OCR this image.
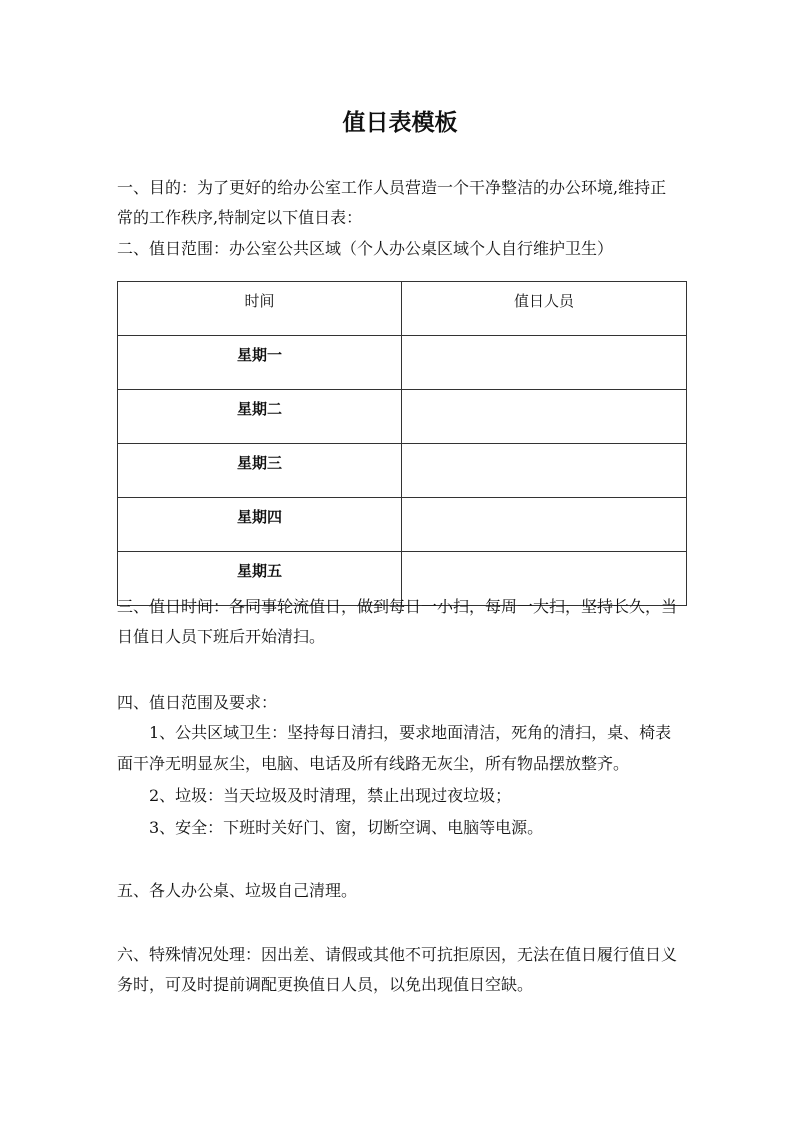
值日表模板
一、目的：为了更好的给办公室工作人员营造一个干净整洁的办公环境,维持正
常的工作秩序,特制定以下值日表：
二、值日范围：办公室公共区域（个人办公桌区域个人自行维护卫生）
时间	值日人员
星期一	
星期二	
星期三	
星期四	
星期五	
三、值日时间：各同事轮流值日，做到每日一小扫，每周一大扫，坚持长久，当
日值日人员下班后开始清扫。
四、值日范围及要求：
1、公共区域卫生：坚持每日清扫，要求地面清洁，死角的清扫，桌、椅表
面干净无明显灰尘，电脑、电话及所有线路无灰尘，所有物品摆放整齐。
2、垃圾：当天垃圾及时清理，禁止出现过夜垃圾；
3、安全：下班时关好门、窗，切断空调、电脑等电源。
五、各人办公桌、垃圾自己清理。
六、特殊情况处理：因出差、请假或其他不可抗拒原因，无法在值日履行值日义
务时，可及时提前调配更换值日人员，以免出现值日空缺。
